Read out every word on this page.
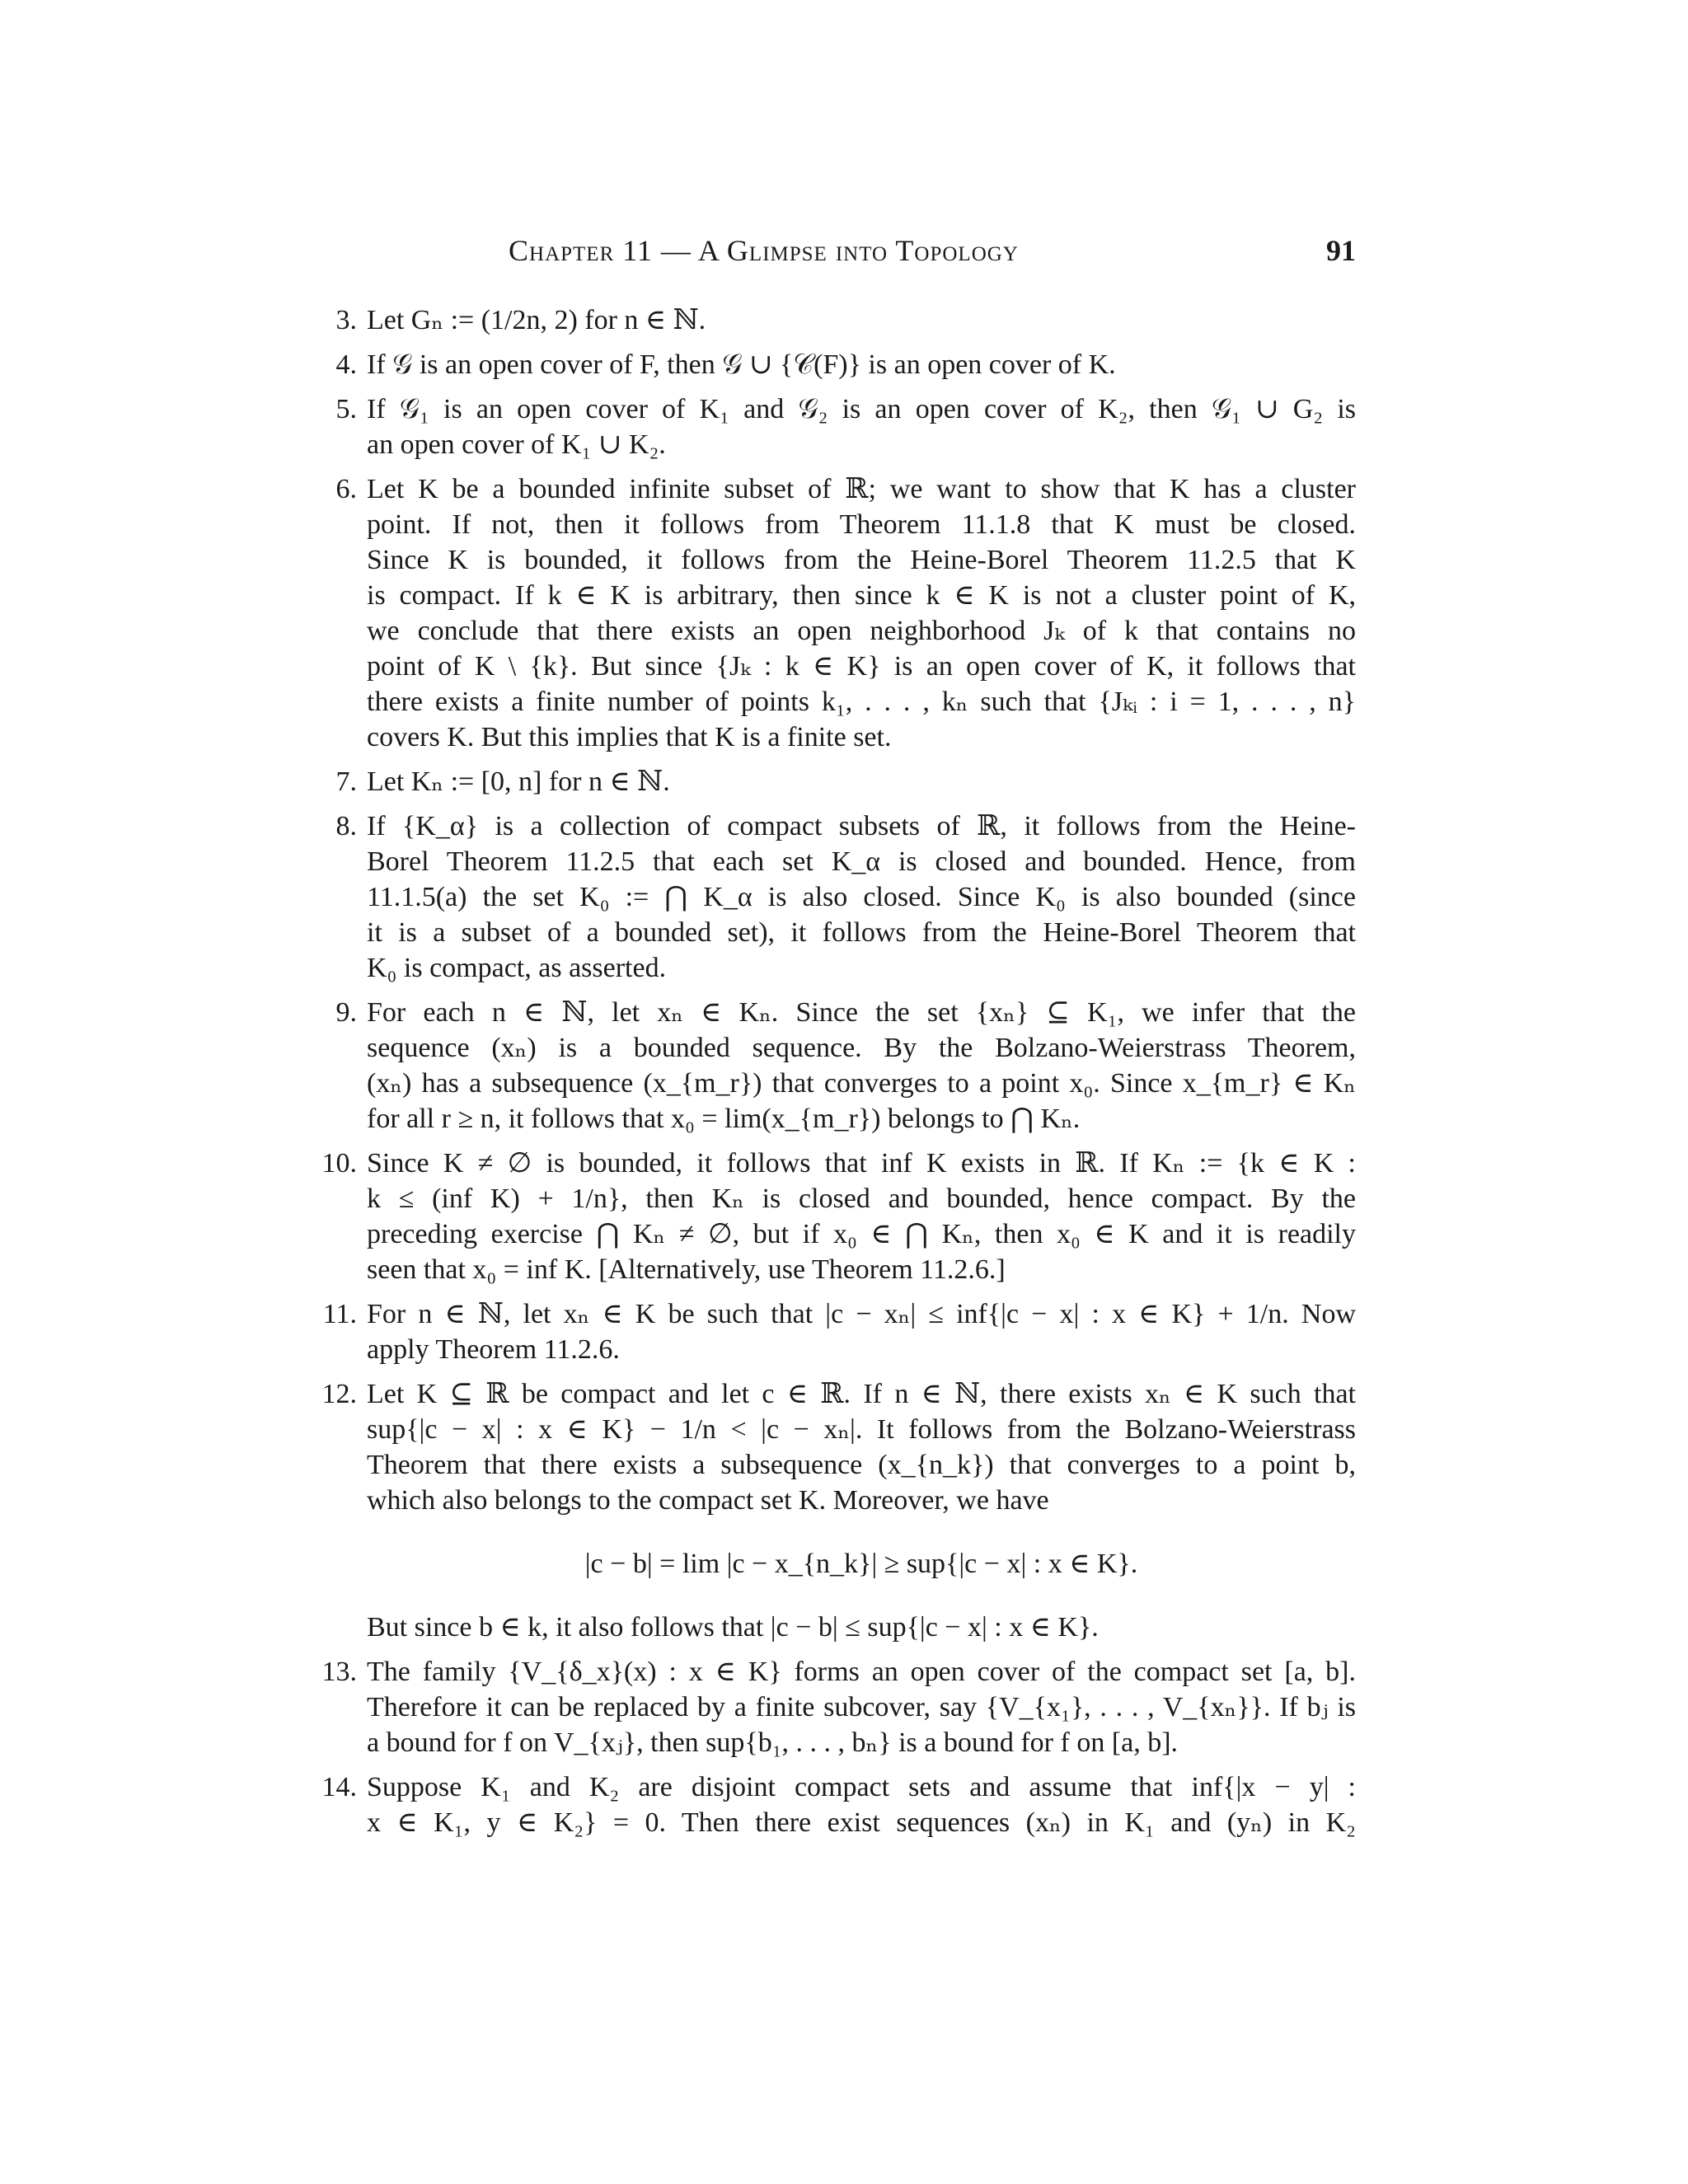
Chapter 11 — A Glimpse into Topology	91
3. Let Gₙ := (1/2n, 2) for n ∈ ℕ.
4. If 𝒢 is an open cover of F, then 𝒢 ∪ {𝒞(F)} is an open cover of K.
5. If 𝒢₁ is an open cover of K₁ and 𝒢₂ is an open cover of K₂, then 𝒢₁ ∪ G₂ is
an open cover of K₁ ∪ K₂.
6. Let K be a bounded infinite subset of ℝ; we want to show that K has a cluster
point. If not, then it follows from Theorem 11.1.8 that K must be closed.
Since K is bounded, it follows from the Heine-Borel Theorem 11.2.5 that K
is compact. If k ∈ K is arbitrary, then since k ∈ K is not a cluster point of K,
we conclude that there exists an open neighborhood Jₖ of k that contains no
point of K \ {k}. But since {Jₖ : k ∈ K} is an open cover of K, it follows that
there exists a finite number of points k₁, . . . , kₙ such that {Jₖᵢ : i = 1, . . . , n}
covers K. But this implies that K is a finite set.
7. Let Kₙ := [0, n] for n ∈ ℕ.
8. If {K_α} is a collection of compact subsets of ℝ, it follows from the Heine-
Borel Theorem 11.2.5 that each set K_α is closed and bounded. Hence, from
11.1.5(a) the set K₀ := ⋂ K_α is also closed. Since K₀ is also bounded (since
it is a subset of a bounded set), it follows from the Heine-Borel Theorem that
K₀ is compact, as asserted.
9. For each n ∈ ℕ, let xₙ ∈ Kₙ. Since the set {xₙ} ⊆ K₁, we infer that the
sequence (xₙ) is a bounded sequence. By the Bolzano-Weierstrass Theorem,
(xₙ) has a subsequence (x_{m_r}) that converges to a point x₀. Since x_{m_r} ∈ Kₙ
for all r ≥ n, it follows that x₀ = lim(x_{m_r}) belongs to ⋂ Kₙ.
10. Since K ≠ ∅ is bounded, it follows that inf K exists in ℝ. If Kₙ := {k ∈ K :
k ≤ (inf K) + 1/n}, then Kₙ is closed and bounded, hence compact. By the
preceding exercise ⋂ Kₙ ≠ ∅, but if x₀ ∈ ⋂ Kₙ, then x₀ ∈ K and it is readily
seen that x₀ = inf K. [Alternatively, use Theorem 11.2.6.]
11. For n ∈ ℕ, let xₙ ∈ K be such that |c − xₙ| ≤ inf{|c − x| : x ∈ K} + 1/n. Now
apply Theorem 11.2.6.
12. Let K ⊆ ℝ be compact and let c ∈ ℝ. If n ∈ ℕ, there exists xₙ ∈ K such that
sup{|c − x| : x ∈ K} − 1/n < |c − xₙ|. It follows from the Bolzano-Weierstrass
Theorem that there exists a subsequence (x_{n_k}) that converges to a point b,
which also belongs to the compact set K. Moreover, we have
|c − b| = lim |c − x_{n_k}| ≥ sup{|c − x| : x ∈ K}.
But since b ∈ k, it also follows that |c − b| ≤ sup{|c − x| : x ∈ K}.
13. The family {V_{δ_x}(x) : x ∈ K} forms an open cover of the compact set [a, b].
Therefore it can be replaced by a finite subcover, say {V_{x₁}, . . . , V_{xₙ}}. If bⱼ is
a bound for f on V_{xⱼ}, then sup{b₁, . . . , bₙ} is a bound for f on [a, b].
14. Suppose K₁ and K₂ are disjoint compact sets and assume that inf{|x − y| :
x ∈ K₁, y ∈ K₂} = 0. Then there exist sequences (xₙ) in K₁ and (yₙ) in K₂
